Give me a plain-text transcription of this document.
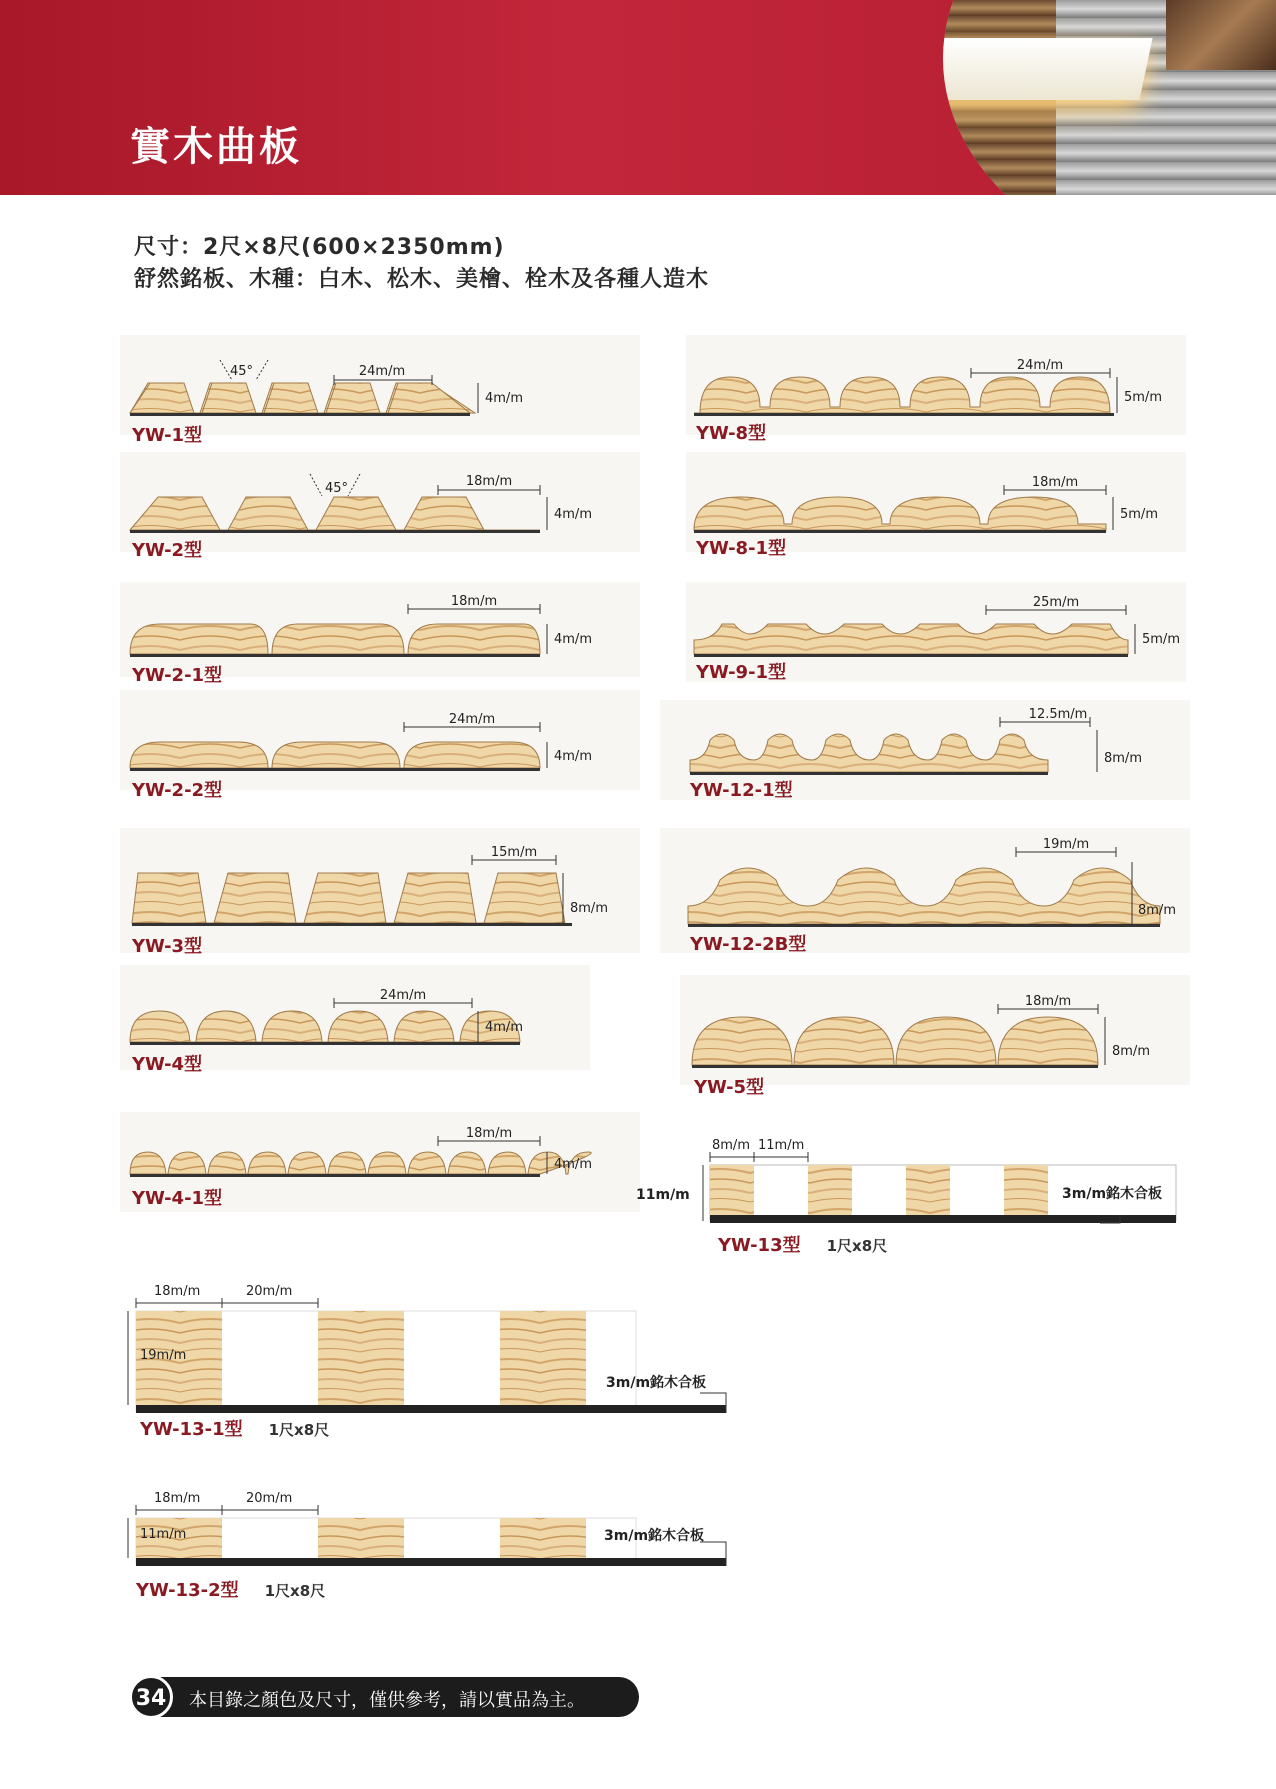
實木曲板

尺寸：2尺×8尺(600×2350mm)

舒然銘板、木種：白木、松木、美檜、栓木及各種人造木

45°	24m/m
4m/m
YW-1型
45°	18m/m
4m/m
YW-2型
18m/m
4m/m
YW-2-1型
24m/m
4m/m
YW-2-2型
15m/m
8m/m
YW-3型
24m/m
4m/m
YW-4型
18m/m
4m/m
YW-4-1型
24m/m
5m/m
YW-8型
18m/m
5m/m
YW-8-1型
25m/m
5m/m
YW-9-1型
12.5m/m
8m/m
YW-12-1型
19m/m
8m/m
YW-12-2B型
18m/m
8m/m
YW-5型
8m/m 11m/m
11m/m	3m/m銘木合板
YW-13型 1尺x8尺
18m/m	20m/m
19m/m
3m/m銘木合板
YW-13-1型 1尺x8尺
18m/m	20m/m
11m/m	3m/m銘木合板
YW-13-2型 1尺x8尺
34	本目錄之顏色及尺寸，僅供參考，請以實品為主。
